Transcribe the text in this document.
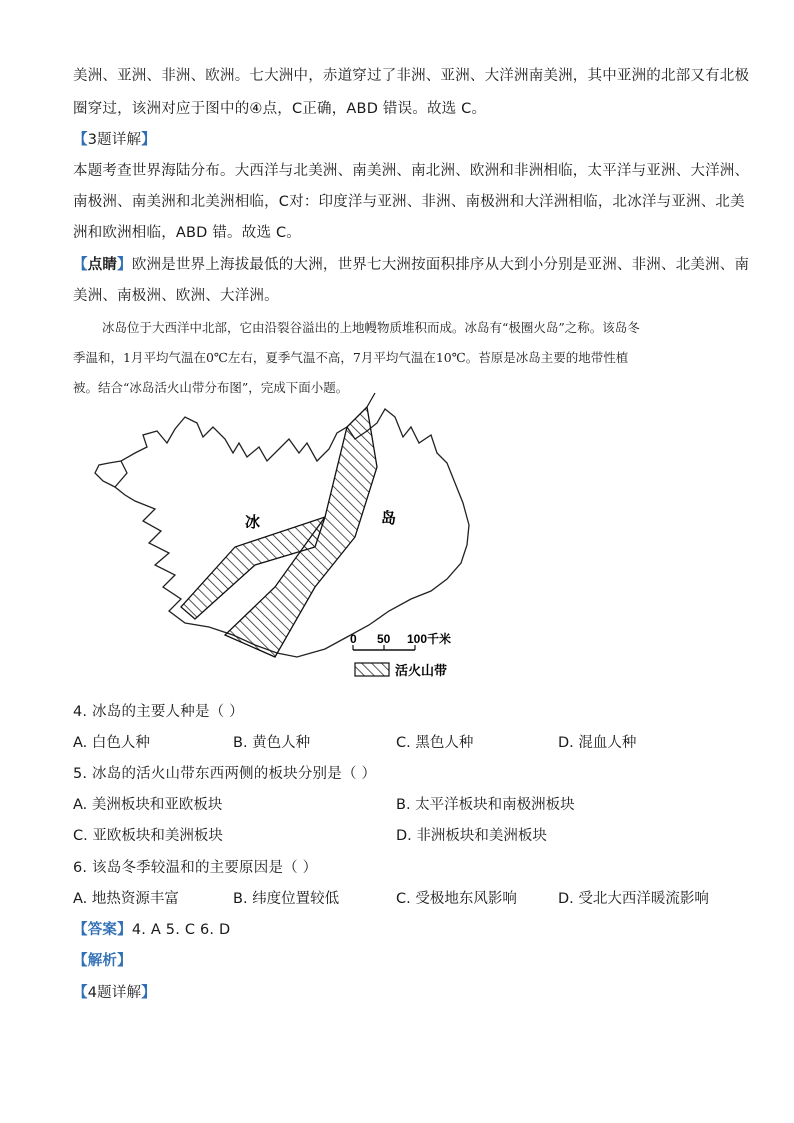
美洲、亚洲、非洲、欧洲。七大洲中，赤道穿过了非洲、亚洲、大洋洲南美洲，其中亚洲的北部又有北极
圈穿过，该洲对应于图中的④点，C正确，ABD 错误。故选 C。
【3题详解】
本题考查世界海陆分布。大西洋与北美洲、南美洲、南北洲、欧洲和非洲相临，太平洋与亚洲、大洋洲、
南极洲、南美洲和北美洲相临，C对：印度洋与亚洲、非洲、南极洲和大洋洲相临，北冰洋与亚洲、北美
洲和欧洲相临，ABD 错。故选 C。
【点睛】欧洲是世界上海拔最低的大洲，世界七大洲按面积排序从大到小分别是亚洲、非洲、北美洲、南
美洲、南极洲、欧洲、大洋洲。
冰岛位于大西洋中北部，它由沿裂谷溢出的上地幔物质堆积而成。冰岛有“极圈火岛”之称。该岛冬
季温和，1月平均气温在0℃左右，夏季气温不高，7月平均气温在10℃。苔原是冰岛主要的地带性植
被。结合“冰岛活火山带分布图”，完成下面小题。
冰	岛
0 50 100千米
活火山带
4. 冰岛的主要人种是（ ）
A. 白色人种	B. 黄色人种	C. 黑色人种	D. 混血人种
5. 冰岛的活火山带东西两侧的板块分别是（ ）
A. 美洲板块和亚欧板块	B. 太平洋板块和南极洲板块
C. 亚欧板块和美洲板块	D. 非洲板块和美洲板块
6. 该岛冬季较温和的主要原因是（ ）
A. 地热资源丰富	B. 纬度位置较低	C. 受极地东风影响	D. 受北大西洋暖流影响
【答案】4. A 5. C 6. D
【解析】
【4题详解】
